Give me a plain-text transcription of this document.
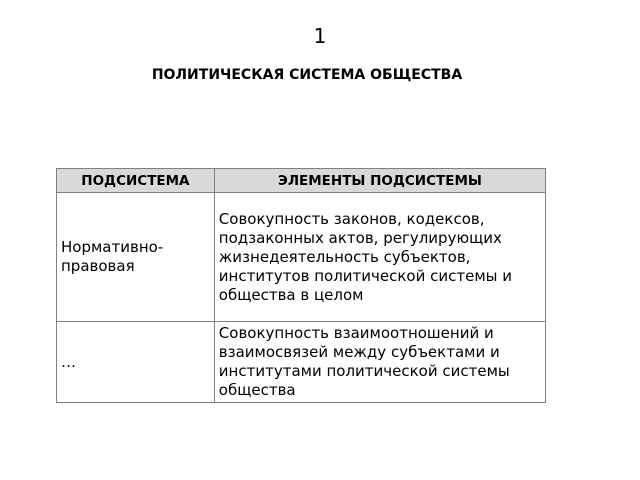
1
ПОЛИТИЧЕСКАЯ СИСТЕМА ОБЩЕСТВА
ПОДСИСТЕМА	ЭЛЕМЕНТЫ ПОДСИСТЕМЫ
Нормативно-правовая	Совокупность законов, кодексов, подзаконных актов, регулирующих жизнедеятельность субъектов, институтов политической системы и общества в целом
…	Совокупность взаимоотношений и взаимосвязей между субъектами и институтами политической системы общества
